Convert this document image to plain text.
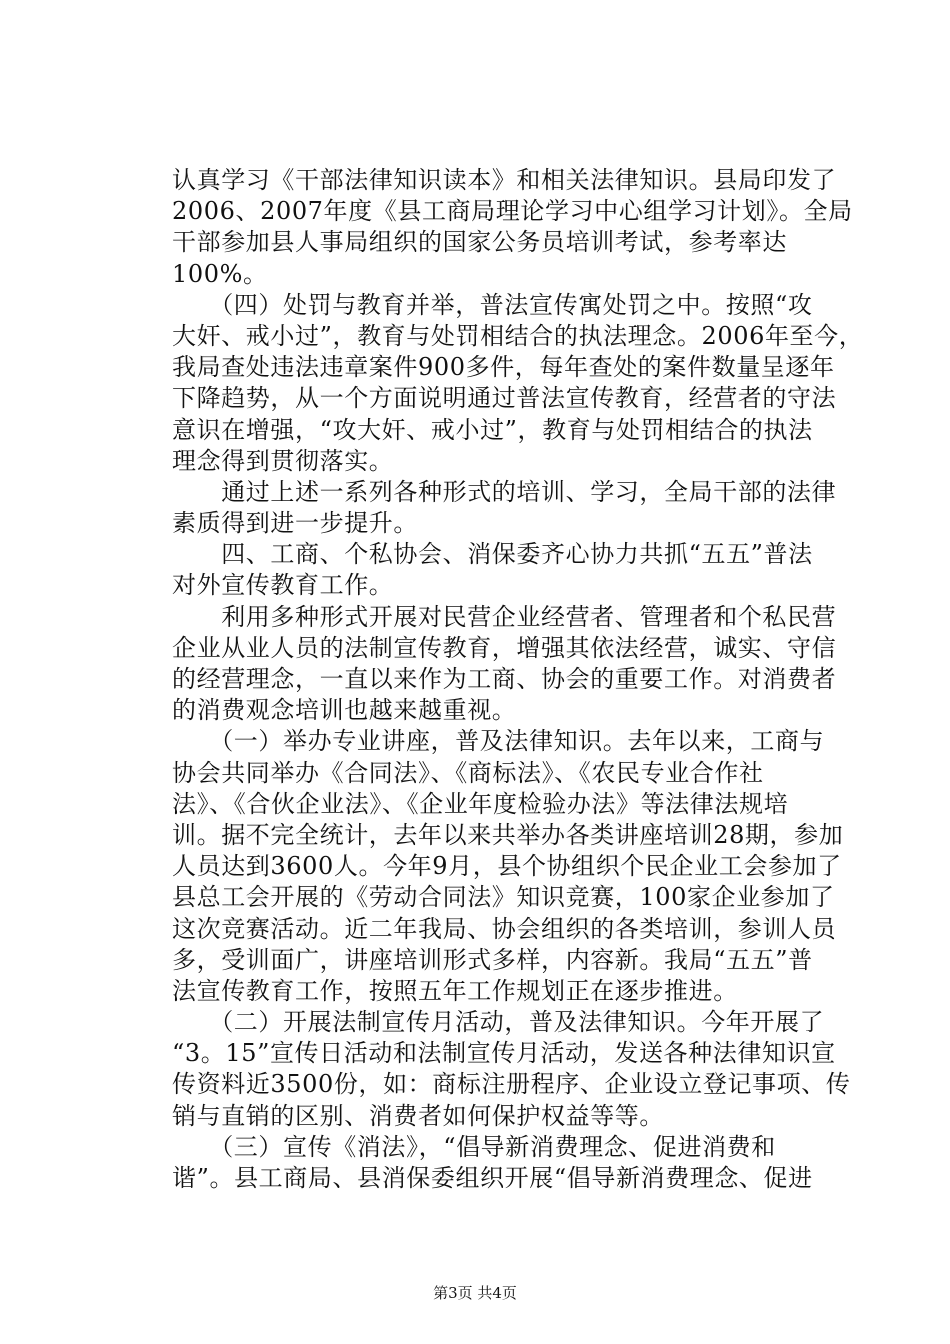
认真学习《干部法律知识读本》和相关法律知识。县局印发了
2006、2007年度《县工商局理论学习中心组学习计划》。全局
干部参加县人事局组织的国家公务员培训考试，参考率达
100%。
　　（四）处罚与教育并举，普法宣传寓处罚之中。按照“攻
大奸、戒小过”，教育与处罚相结合的执法理念。2006年至今，
我局查处违法违章案件900多件，每年查处的案件数量呈逐年
下降趋势，从一个方面说明通过普法宣传教育，经营者的守法
意识在增强，“攻大奸、戒小过”，教育与处罚相结合的执法
理念得到贯彻落实。
　　通过上述一系列各种形式的培训、学习，全局干部的法律
素质得到进一步提升。
　　四、工商、个私协会、消保委齐心协力共抓“五五”普法
对外宣传教育工作。
　　利用多种形式开展对民营企业经营者、管理者和个私民营
企业从业人员的法制宣传教育，增强其依法经营，诚实、守信
的经营理念，一直以来作为工商、协会的重要工作。对消费者
的消费观念培训也越来越重视。
　　（一）举办专业讲座，普及法律知识。去年以来，工商与
协会共同举办《合同法》、《商标法》、《农民专业合作社
法》、《合伙企业法》、《企业年度检验办法》等法律法规培
训。据不完全统计，去年以来共举办各类讲座培训28期，参加
人员达到3600人。今年9月，县个协组织个民企业工会参加了
县总工会开展的《劳动合同法》知识竞赛，100家企业参加了
这次竞赛活动。近二年我局、协会组织的各类培训，参训人员
多，受训面广，讲座培训形式多样，内容新。我局“五五”普
法宣传教育工作，按照五年工作规划正在逐步推进。
　　（二）开展法制宣传月活动，普及法律知识。今年开展了
“3。15”宣传日活动和法制宣传月活动，发送各种法律知识宣
传资料近3500份，如：商标注册程序、企业设立登记事项、传
销与直销的区别、消费者如何保护权益等等。
　　（三）宣传《消法》，“倡导新消费理念、促进消费和
谐”。县工商局、县消保委组织开展“倡导新消费理念、促进
第3页 共4页
